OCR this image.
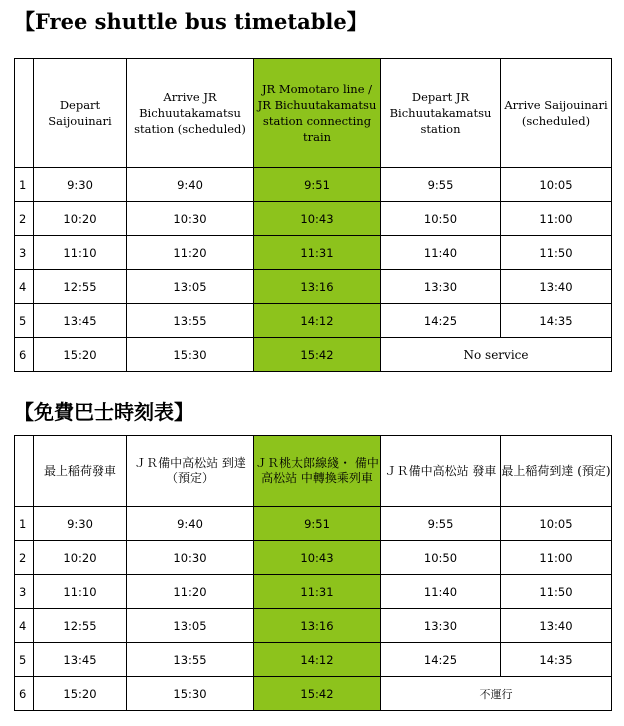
【Free shuttle bus timetable】
	Depart Saijouinari	Arrive JR Bichuutakamatsu station (scheduled)	JR Momotaro line / JR Bichuutakamatsu station connecting train	Depart JR Bichuutakamatsu station	Arrive Saijouinari (scheduled)
1	9:30	9:40	9:51	9:55	10:05
2	10:20	10:30	10:43	10:50	11:00
3	11:10	11:20	11:31	11:40	11:50
4	12:55	13:05	13:16	13:30	13:40
5	13:45	13:55	14:12	14:25	14:35
6	15:20	15:30	15:42	No service	
【免費巴士時刻表】
	最上稲荷發車	ＪＲ備中高松站 到達（預定）	ＪＲ桃太郎線綫・ 備中高松站 中轉換乘列車	ＪＲ備中高松站 發車	最上稲荷到達 (預定)
1	9:30	9:40	9:51	9:55	10:05
2	10:20	10:30	10:43	10:50	11:00
3	11:10	11:20	11:31	11:40	11:50
4	12:55	13:05	13:16	13:30	13:40
5	13:45	13:55	14:12	14:25	14:35
6	15:20	15:30	15:42	不運行	
